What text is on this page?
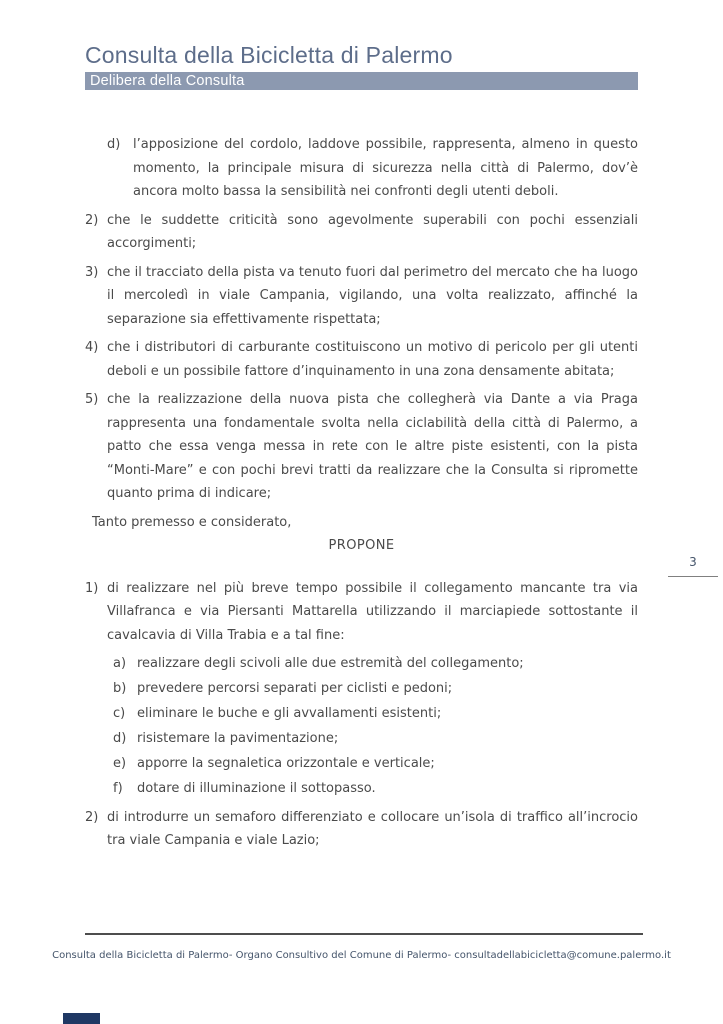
Consulta della Bicicletta di Palermo
Delibera della Consulta
3
d) l’apposizione del cordolo, laddove possibile, rappresenta, almeno in questo momento, la principale misura di sicurezza nella città di Palermo, dov’è ancora molto bassa la sensibilità nei confronti degli utenti deboli.
2) che le suddette criticità sono agevolmente superabili con pochi essenziali accorgimenti;
3) che il tracciato della pista va tenuto fuori dal perimetro del mercato che ha luogo il mercoledì in viale Campania, vigilando, una volta realizzato, affinché la separazione sia effettivamente rispettata;
4) che i distributori di carburante costituiscono un motivo di pericolo per gli utenti deboli e un possibile fattore d’inquinamento in una zona densamente abitata;
5) che la realizzazione della nuova pista che collegherà via Dante a via Praga rappresenta una fondamentale svolta nella ciclabilità della città di Palermo, a patto che essa venga messa in rete con le altre piste esistenti, con la pista “Monti-Mare” e con pochi brevi tratti da realizzare che la Consulta si ripromette quanto prima di indicare;

Tanto premesso e considerato,

PROPONE

1) di realizzare nel più breve tempo possibile il collegamento mancante tra via Villafranca e via Piersanti Mattarella utilizzando il marciapiede sottostante il cavalcavia di Villa Trabia e a tal fine:
a) realizzare degli scivoli alle due estremità del collegamento;
b) prevedere percorsi separati per ciclisti e pedoni;
c) eliminare le buche e gli avvallamenti esistenti;
d) risistemare la pavimentazione;
e) apporre la segnaletica orizzontale e verticale;
f) dotare di illuminazione il sottopasso.
2) di introdurre un semaforo differenziato e collocare un’isola di traffico all’incrocio tra viale Campania e viale Lazio;
Consulta della Bicicletta di Palermo- Organo Consultivo del Comune di Palermo- consultadellabicicletta@comune.palermo.it
